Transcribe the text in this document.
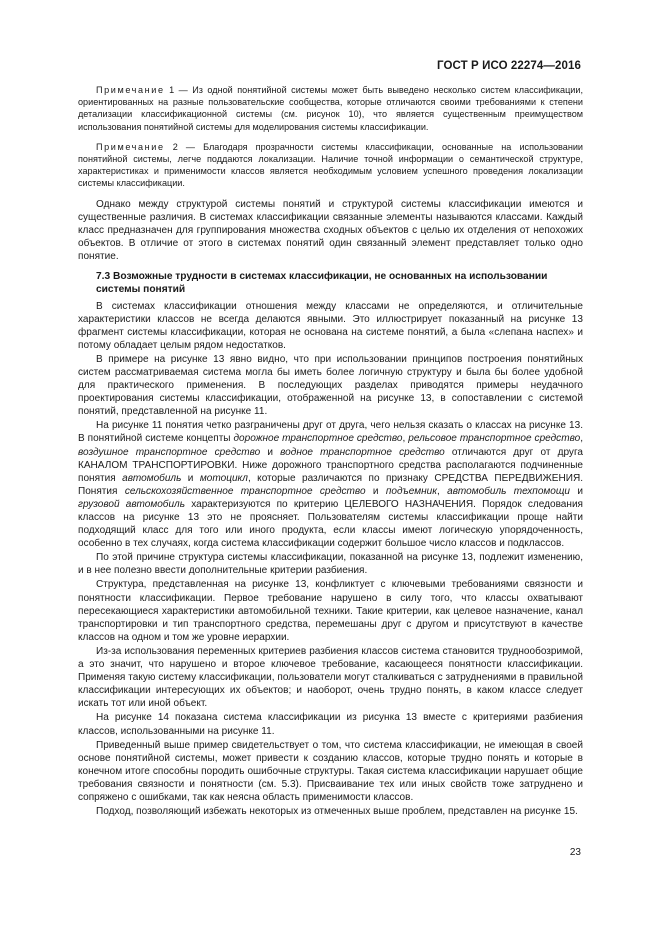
ГОСТ Р ИСО 22274—2016

Примечание 1 — Из одной понятийной системы может быть выведено несколько систем классификации, ориентированных на разные пользовательские сообщества, которые отличаются своими требованиями к степени детализации классификационной системы (см. рисунок 10), что является существенным преимуществом использования понятийной системы для моделирования системы классификации.

Примечание 2 — Благодаря прозрачности системы классификации, основанные на использовании понятийной системы, легче поддаются локализации. Наличие точной информации о семантической структуре, характеристиках и применимости классов является необходимым условием успешного проведения локализации системы классификации.

Однако между структурой системы понятий и структурой системы классификации имеются и существенные различия. В системах классификации связанные элементы называются классами. Каждый класс предназначен для группирования множества сходных объектов с целью их отделения от непохожих объектов. В отличие от этого в системах понятий один связанный элемент представляет только одно понятие.

7.3 Возможные трудности в системах классификации, не основанных на использовании системы понятий

В системах классификации отношения между классами не определяются, и отличительные характеристики классов не всегда делаются явными. Это иллюстрирует показанный на рисунке 13 фрагмент системы классификации, которая не основана на системе понятий, а была «слепана наспех» и потому обладает целым рядом недостатков.

В примере на рисунке 13 явно видно, что при использовании принципов построения понятийных систем рассматриваемая система могла бы иметь более логичную структуру и была бы более удобной для практического применения. В последующих разделах приводятся примеры неудачного проектирования системы классификации, отображенной на рисунке 13, в сопоставлении с системой понятий, представленной на рисунке 11.

На рисунке 11 понятия четко разграничены друг от друга, чего нельзя сказать о классах на рисунке 13. В понятийной системе концепты дорожное транспортное средство, рельсовое транспортное средство, воздушное транспортное средство и водное транспортное средство отличаются друг от друга КАНАЛОМ ТРАНСПОРТИРОВКИ. Ниже дорожного транспортного средства располагаются подчиненные понятия автомобиль и мотоцикл, которые различаются по признаку СРЕДСТВА ПЕРЕДВИЖЕНИЯ. Понятия сельскохозяйственное транспортное средство и подъемник, автомобиль техпомощи и грузовой автомобиль характеризуются по критерию ЦЕЛЕВОГО НАЗНАЧЕНИЯ. Порядок следования классов на рисунке 13 это не проясняет. Пользователям системы классификации проще найти подходящий класс для того или иного продукта, если классы имеют логическую упорядоченность, особенно в тех случаях, когда система классификации содержит большое число классов и подклассов.

По этой причине структура системы классификации, показанной на рисунке 13, подлежит изменению, и в нее полезно ввести дополнительные критерии разбиения.

Структура, представленная на рисунке 13, конфликтует с ключевыми требованиями связности и понятности классификации. Первое требование нарушено в силу того, что классы охватывают пересекающиеся характеристики автомобильной техники. Такие критерии, как целевое назначение, канал транспортировки и тип транспортного средства, перемешаны друг с другом и присутствуют в качестве классов на одном и том же уровне иерархии.

Из-за использования переменных критериев разбиения классов система становится труднообозримой, а это значит, что нарушено и второе ключевое требование, касающееся понятности классификации. Применяя такую систему классификации, пользователи могут сталкиваться с затруднениями в правильной классификации интересующих их объектов; и наоборот, очень трудно понять, в каком классе следует искать тот или иной объект.

На рисунке 14 показана система классификации из рисунка 13 вместе с критериями разбиения классов, использованными на рисунке 11.

Приведенный выше пример свидетельствует о том, что система классификации, не имеющая в своей основе понятийной системы, может привести к созданию классов, которые трудно понять и которые в конечном итоге способны породить ошибочные структуры. Такая система классификации нарушает общие требования связности и понятности (см. 5.3). Присваивание тех или иных свойств тоже затруднено и сопряжено с ошибками, так как неясна область применимости классов.

Подход, позволяющий избежать некоторых из отмеченных выше проблем, представлен на рисунке 15.

23
